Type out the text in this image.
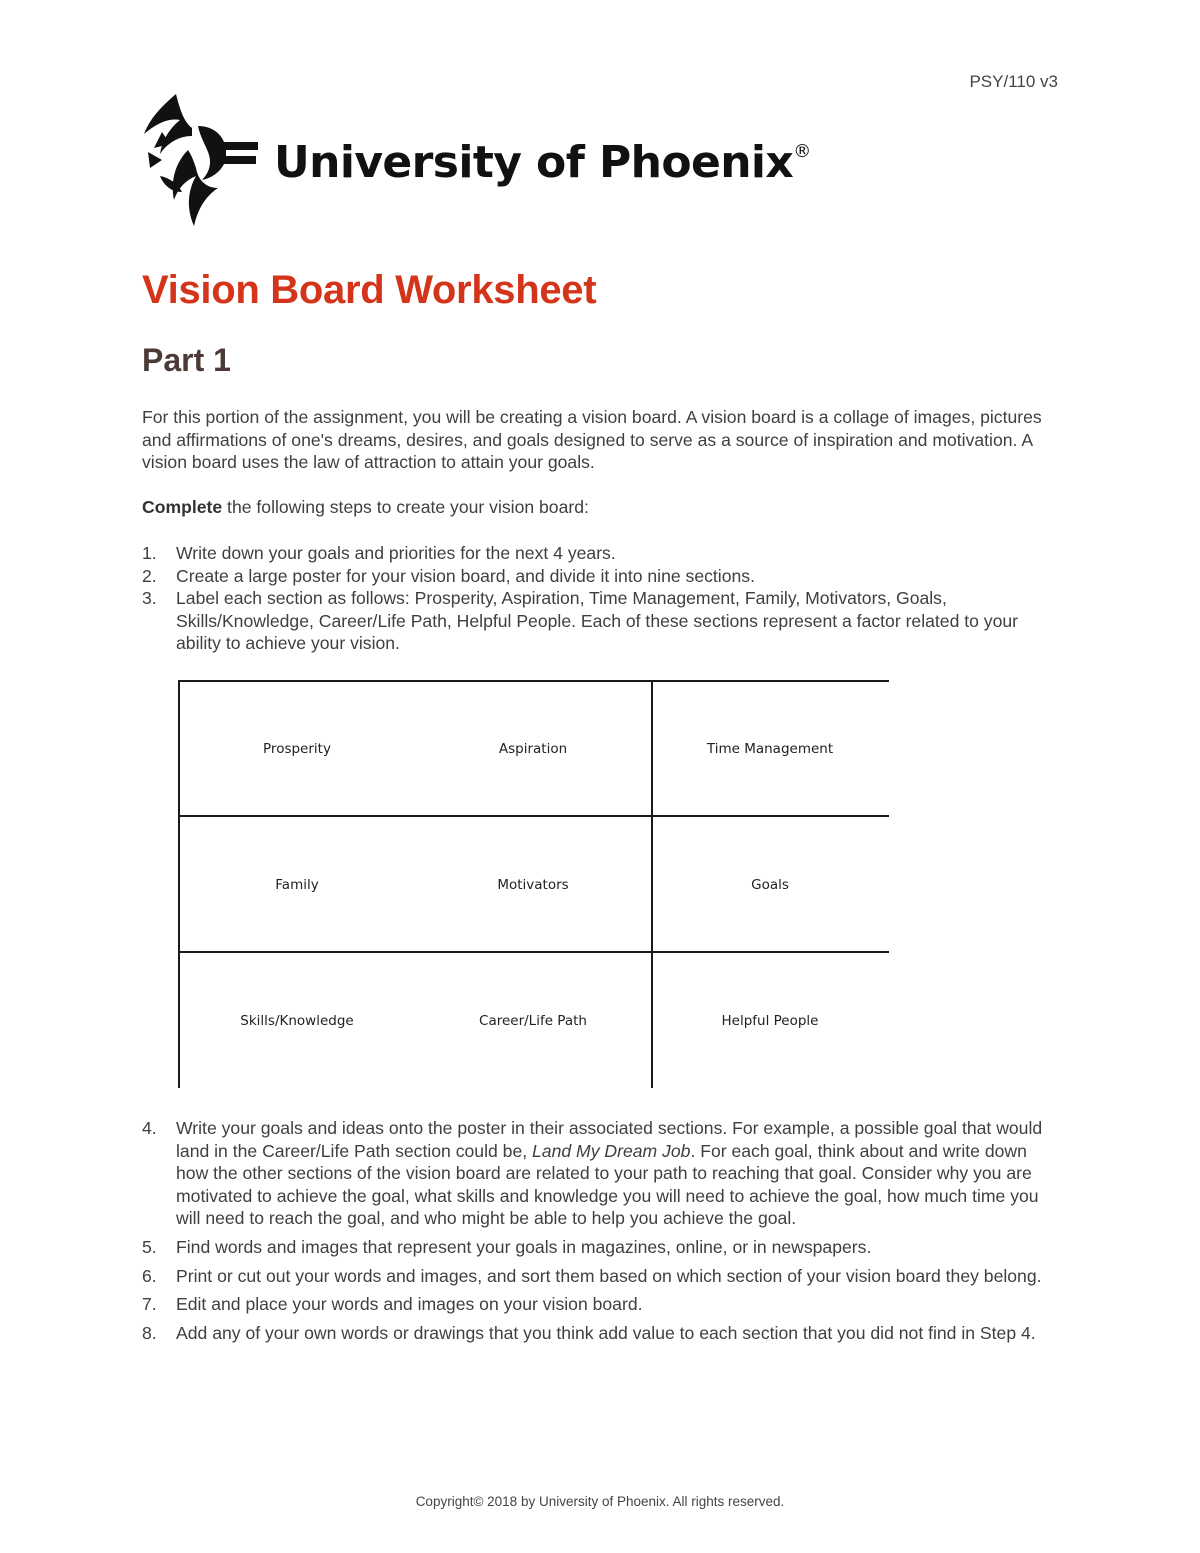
PSY/110 v3
University of Phoenix®
Vision Board Worksheet
Part 1

For this portion of the assignment, you will be creating a vision board. A vision board is a collage of images, pictures and affirmations of one's dreams, desires, and goals designed to serve as a source of inspiration and motivation. A vision board uses the law of attraction to attain your goals.

Complete the following steps to create your vision board:

1. Write down your goals and priorities for the next 4 years.
2. Create a large poster for your vision board, and divide it into nine sections.
3. Label each section as follows: Prosperity, Aspiration, Time Management, Family, Motivators, Goals, Skills/Knowledge, Career/Life Path, Helpful People. Each of these sections represent a factor related to your ability to achieve your vision.
Prosperity	Aspiration	Time Management
Family	Motivators	Goals
Skills/Knowledge	Career/Life Path	Helpful People
4. Write your goals and ideas onto the poster in their associated sections. For example, a possible goal that would land in the Career/Life Path section could be, Land My Dream Job. For each goal, think about and write down how the other sections of the vision board are related to your path to reaching that goal. Consider why you are motivated to achieve the goal, what skills and knowledge you will need to achieve the goal, how much time you will need to reach the goal, and who might be able to help you achieve the goal.
5. Find words and images that represent your goals in magazines, online, or in newspapers.
6. Print or cut out your words and images, and sort them based on which section of your vision board they belong.
7. Edit and place your words and images on your vision board.
8. Add any of your own words or drawings that you think add value to each section that you did not find in Step 4.

Copyright© 2018 by University of Phoenix. All rights reserved.
